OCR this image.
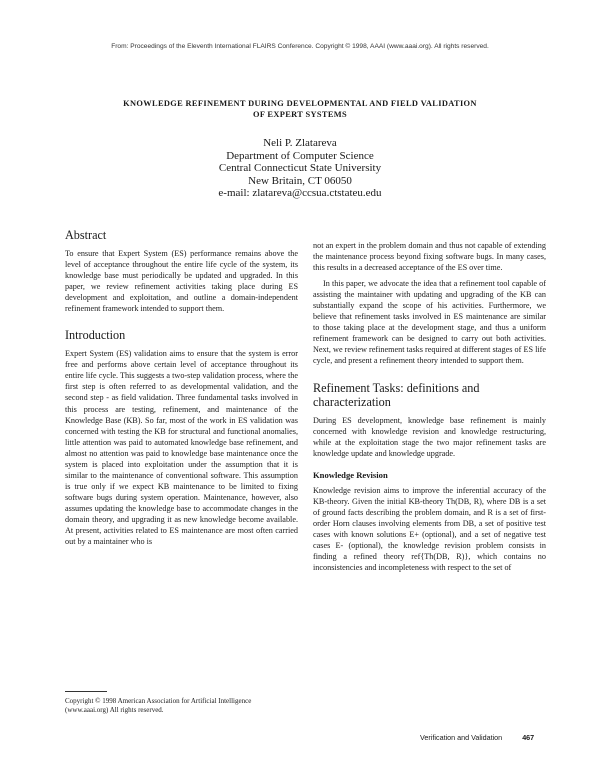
From: Proceedings of the Eleventh International FLAIRS Conference. Copyright © 1998, AAAI (www.aaai.org). All rights reserved.
KNOWLEDGE REFINEMENT DURING DEVELOPMENTAL AND FIELD VALIDATION
OF EXPERT SYSTEMS
Neli P. Zlatareva
Department of Computer Science
Central Connecticut State University
New Britain, CT 06050
e-mail: zlatareva@ccsua.ctstateu.edu
Abstract

To ensure that Expert System (ES) performance remains above the level of acceptance throughout the entire life cycle of the system, its knowledge base must periodically be updated and upgraded. In this paper, we review refinement activities taking place during ES development and exploitation, and outline a domain-independent refinement framework intended to support them.

Introduction

Expert System (ES) validation aims to ensure that the system is error free and performs above certain level of acceptance throughout its entire life cycle. This suggests a two-step validation process, where the first step is often referred to as developmental validation, and the second step - as field validation. Three fundamental tasks involved in this process are testing, refinement, and maintenance of the Knowledge Base (KB). So far, most of the work in ES validation was concerned with testing the KB for structural and functional anomalies, little attention was paid to automated knowledge base refinement, and almost no attention was paid to knowledge base maintenance once the system is placed into exploitation under the assumption that it is similar to the maintenance of conventional software. This assumption is true only if we expect KB maintenance to be limited to fixing software bugs during system operation. Maintenance, however, also assumes updating the knowledge base to accommodate changes in the domain theory, and upgrading it as new knowledge become available. At present, activities related to ES maintenance are most often carried out by a maintainer who is

not an expert in the problem domain and thus not capable of extending the maintenance process beyond fixing software bugs. In many cases, this results in a decreased acceptance of the ES over time.

In this paper, we advocate the idea that a refinement tool capable of assisting the maintainer with updating and upgrading of the KB can substantially expand the scope of his activities. Furthermore, we believe that refinement tasks involved in ES maintenance are similar to those taking place at the development stage, and thus a uniform refinement framework can be designed to carry out both activities. Next, we review refinement tasks required at different stages of ES life cycle, and present a refinement theory intended to support them.

Refinement Tasks: definitions and characterization

During ES development, knowledge base refinement is mainly concerned with knowledge revision and knowledge restructuring, while at the exploitation stage the two major refinement tasks are knowledge update and knowledge upgrade.

Knowledge Revision

Knowledge revision aims to improve the inferential accuracy of the KB-theory. Given the initial KB-theory Th(DB, R), where DB is a set of ground facts describing the problem domain, and R is a set of first-order Horn clauses involving elements from DB, a set of positive test cases with known solutions E+ (optional), and a set of negative test cases E- (optional), the knowledge revision problem consists in finding a refined theory ref{Th(DB, R)}, which contains no inconsistencies and incompleteness with respect to the set of

Copyright © 1998 American Association for Artificial Intelligence (www.aaai.org) All rights reserved.
Verification and Validation	467
